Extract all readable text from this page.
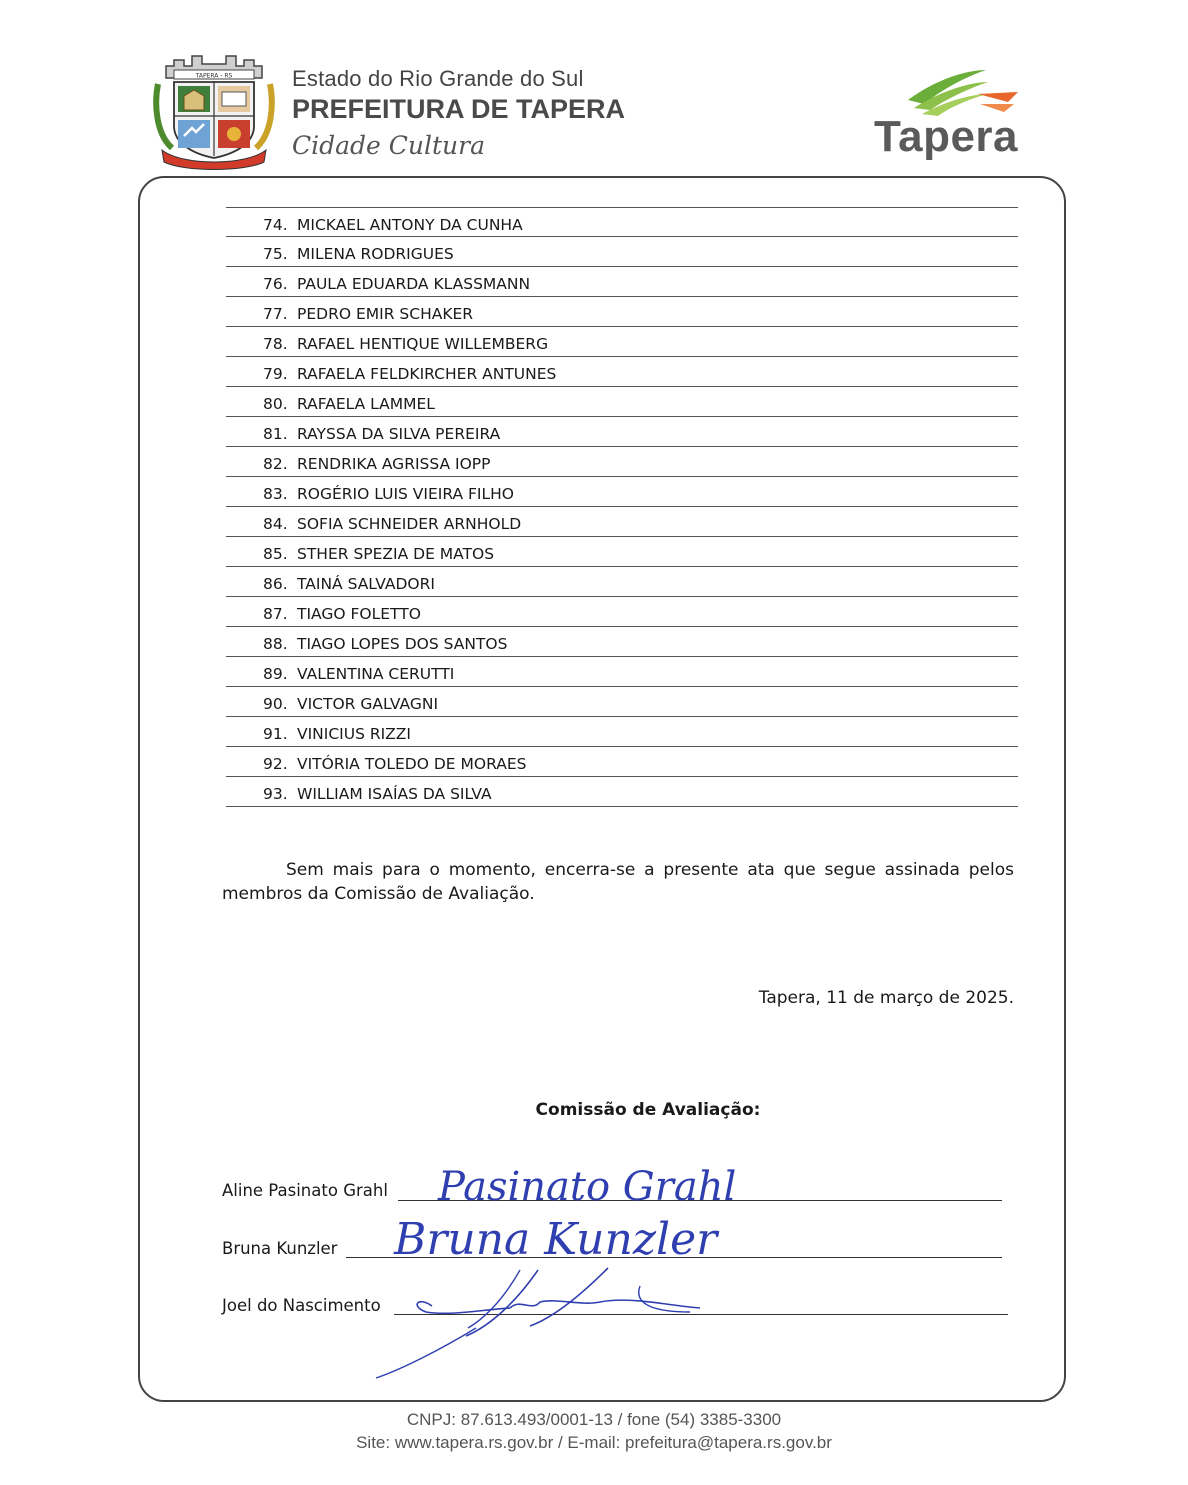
TAPERA - RS	Estado do Rio Grande do Sul
PREFEITURA DE TAPERA
Cidade Cultura	Tapera
74. MICKAEL ANTONY DA CUNHA
75. MILENA RODRIGUES
76. PAULA EDUARDA KLASSMANN
77. PEDRO EMIR SCHAKER
78. RAFAEL HENTIQUE WILLEMBERG
79. RAFAELA FELDKIRCHER ANTUNES
80. RAFAELA LAMMEL
81. RAYSSA DA SILVA PEREIRA
82. RENDRIKA AGRISSA IOPP
83. ROGÉRIO LUIS VIEIRA FILHO
84. SOFIA SCHNEIDER ARNHOLD
85. STHER SPEZIA DE MATOS
86. TAINÁ SALVADORI
87. TIAGO FOLETTO
88. TIAGO LOPES DOS SANTOS
89. VALENTINA CERUTTI
90. VICTOR GALVAGNI
91. VINICIUS RIZZI
92. VITÓRIA TOLEDO DE MORAES
93. WILLIAM ISAÍAS DA SILVA
Sem mais para o momento, encerra-se a presente ata que segue assinada pelos membros da Comissão de Avaliação.
Tapera, 11 de março de 2025.
Comissão de Avaliação:
Aline Pasinato Grahl Pasinato Grahl
Bruna Kunzler Bruna Kunzler
Joel do Nascimento
CNPJ: 87.613.493/0001-13 / fone (54) 3385-3300
Site: www.tapera.rs.gov.br / E-mail: prefeitura@tapera.rs.gov.br
